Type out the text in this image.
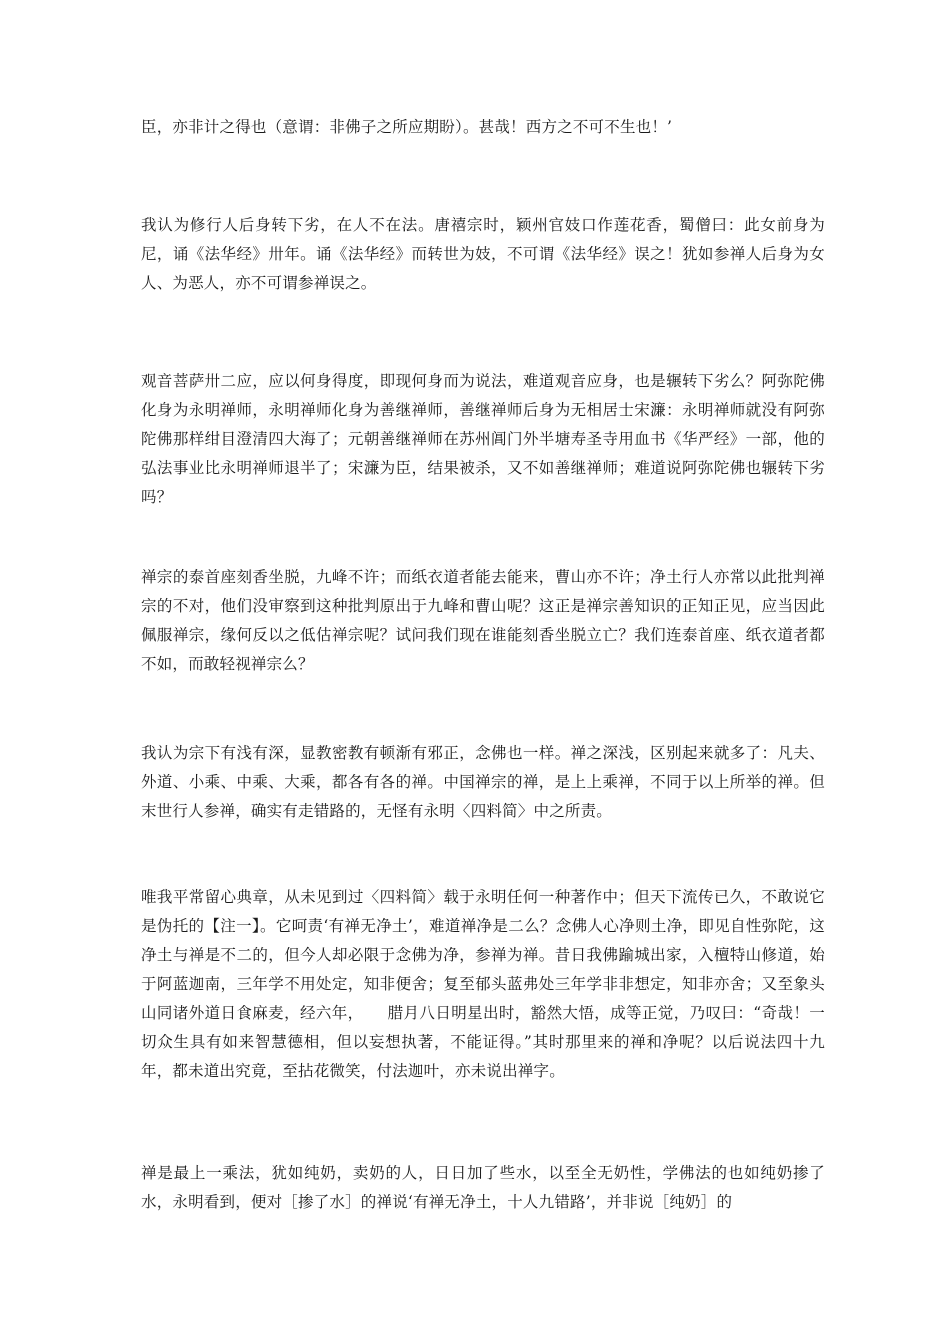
臣，亦非计之得也（意谓：非佛子之所应期盼）。甚哉！西方之不可不生也！’

我认为修行人后身转下劣，在人不在法。唐禧宗时，颖州官妓口作莲花香，蜀僧曰：此女前身为尼，诵《法华经》卅年。诵《法华经》而转世为妓，不可谓《法华经》误之！犹如参禅人后身为女人、为恶人，亦不可谓参禅误之。

观音菩萨卅二应，应以何身得度，即现何身而为说法，难道观音应身，也是辗转下劣么？阿弥陀佛化身为永明禅师，永明禅师化身为善继禅师，善继禅师后身为无相居士宋濂：永明禅师就没有阿弥陀佛那样绀目澄清四大海了；元朝善继禅师在苏州阊门外半塘寿圣寺用血书《华严经》一部，他的弘法事业比永明禅师退半了；宋濂为臣，结果被杀，又不如善继禅师；难道说阿弥陀佛也辗转下劣吗？

禅宗的泰首座刻香坐脱，九峰不许；而纸衣道者能去能来，曹山亦不许；净土行人亦常以此批判禅宗的不对，他们没审察到这种批判原出于九峰和曹山呢？这正是禅宗善知识的正知正见，应当因此佩服禅宗，缘何反以之低估禅宗呢？试问我们现在谁能刻香坐脱立亡？我们连泰首座、纸衣道者都不如，而敢轻视禅宗么？

我认为宗下有浅有深，显教密教有顿渐有邪正，念佛也一样。禅之深浅，区别起来就多了：凡夫、外道、小乘、中乘、大乘，都各有各的禅。中国禅宗的禅，是上上乘禅，不同于以上所举的禅。但末世行人参禅，确实有走错路的，无怪有永明〈四料简〉中之所责。

唯我平常留心典章，从未见到过〈四料简〉载于永明任何一种著作中；但天下流传已久，不敢说它是伪托的【注一】。它呵责‘有禅无净土’，难道禅净是二么？念佛人心净则土净，即见自性弥陀，这净土与禅是不二的，但今人却必限于念佛为净，参禅为禅。昔日我佛踰城出家，入檀特山修道，始于阿蓝迦南，三年学不用处定，知非便舍；复至郁头蓝弗处三年学非非想定，知非亦舍；又至象头山同诸外道日食麻麦，经六年，　　腊月八日明星出时，豁然大悟，成等正觉，乃叹曰：“奇哉！一切众生具有如来智慧德相，但以妄想执著，不能证得。”其时那里来的禅和净呢？以后说法四十九年，都未道出究竟，至拈花微笑，付法迦叶，亦未说出禅字。

禅是最上一乘法，犹如纯奶，卖奶的人，日日加了些水，以至全无奶性，学佛法的也如纯奶掺了水，永明看到，便对［掺了水］的禅说‘有禅无净土，十人九错路’，并非说［纯奶］的
